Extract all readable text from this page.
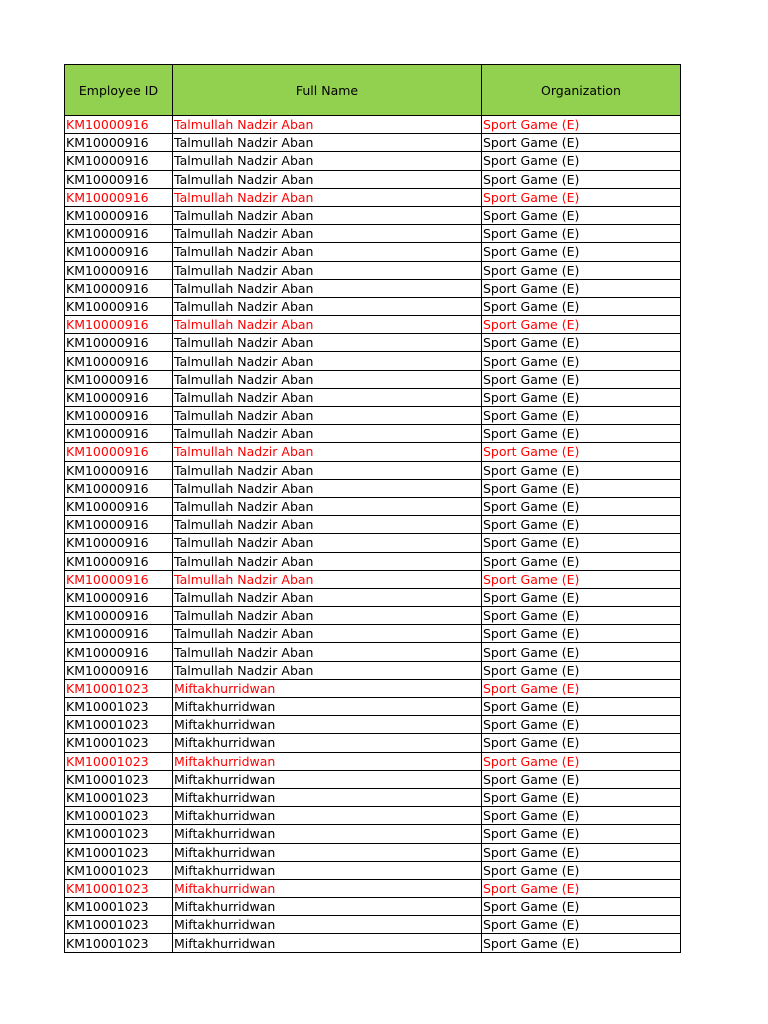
Employee ID	Full Name	Organization
KM10000916	Talmullah Nadzir Aban	Sport Game (E)
KM10000916	Talmullah Nadzir Aban	Sport Game (E)
KM10000916	Talmullah Nadzir Aban	Sport Game (E)
KM10000916	Talmullah Nadzir Aban	Sport Game (E)
KM10000916	Talmullah Nadzir Aban	Sport Game (E)
KM10000916	Talmullah Nadzir Aban	Sport Game (E)
KM10000916	Talmullah Nadzir Aban	Sport Game (E)
KM10000916	Talmullah Nadzir Aban	Sport Game (E)
KM10000916	Talmullah Nadzir Aban	Sport Game (E)
KM10000916	Talmullah Nadzir Aban	Sport Game (E)
KM10000916	Talmullah Nadzir Aban	Sport Game (E)
KM10000916	Talmullah Nadzir Aban	Sport Game (E)
KM10000916	Talmullah Nadzir Aban	Sport Game (E)
KM10000916	Talmullah Nadzir Aban	Sport Game (E)
KM10000916	Talmullah Nadzir Aban	Sport Game (E)
KM10000916	Talmullah Nadzir Aban	Sport Game (E)
KM10000916	Talmullah Nadzir Aban	Sport Game (E)
KM10000916	Talmullah Nadzir Aban	Sport Game (E)
KM10000916	Talmullah Nadzir Aban	Sport Game (E)
KM10000916	Talmullah Nadzir Aban	Sport Game (E)
KM10000916	Talmullah Nadzir Aban	Sport Game (E)
KM10000916	Talmullah Nadzir Aban	Sport Game (E)
KM10000916	Talmullah Nadzir Aban	Sport Game (E)
KM10000916	Talmullah Nadzir Aban	Sport Game (E)
KM10000916	Talmullah Nadzir Aban	Sport Game (E)
KM10000916	Talmullah Nadzir Aban	Sport Game (E)
KM10000916	Talmullah Nadzir Aban	Sport Game (E)
KM10000916	Talmullah Nadzir Aban	Sport Game (E)
KM10000916	Talmullah Nadzir Aban	Sport Game (E)
KM10000916	Talmullah Nadzir Aban	Sport Game (E)
KM10000916	Talmullah Nadzir Aban	Sport Game (E)
KM10001023	Miftakhurridwan	Sport Game (E)
KM10001023	Miftakhurridwan	Sport Game (E)
KM10001023	Miftakhurridwan	Sport Game (E)
KM10001023	Miftakhurridwan	Sport Game (E)
KM10001023	Miftakhurridwan	Sport Game (E)
KM10001023	Miftakhurridwan	Sport Game (E)
KM10001023	Miftakhurridwan	Sport Game (E)
KM10001023	Miftakhurridwan	Sport Game (E)
KM10001023	Miftakhurridwan	Sport Game (E)
KM10001023	Miftakhurridwan	Sport Game (E)
KM10001023	Miftakhurridwan	Sport Game (E)
KM10001023	Miftakhurridwan	Sport Game (E)
KM10001023	Miftakhurridwan	Sport Game (E)
KM10001023	Miftakhurridwan	Sport Game (E)
KM10001023	Miftakhurridwan	Sport Game (E)
